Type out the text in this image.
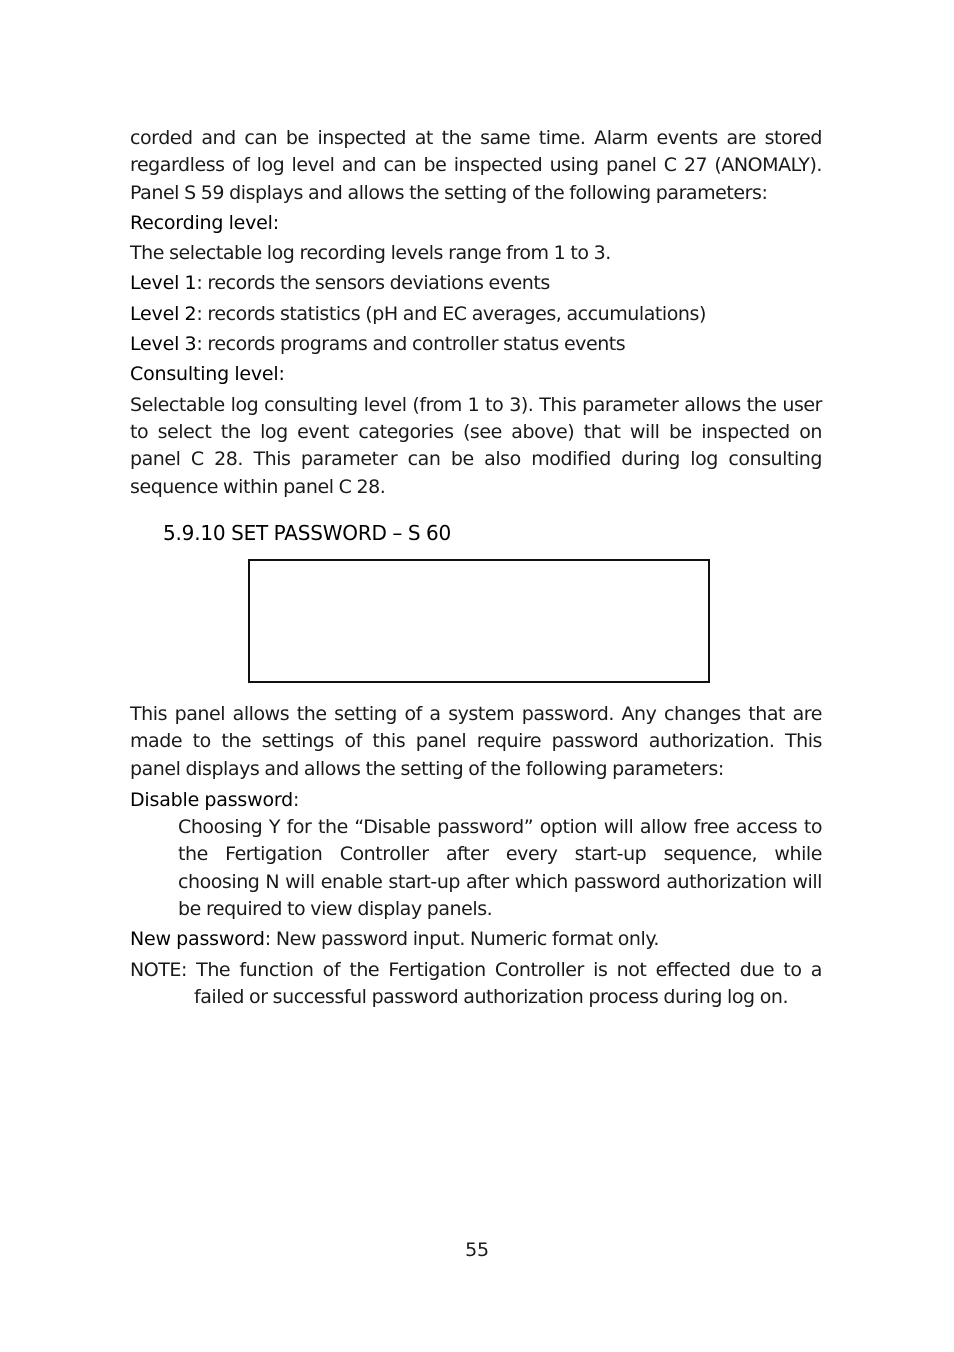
corded and can be inspected at the same time. Alarm events are stored regardless of log level and can be inspected using panel C 27 (ANOMALY). Panel S 59 displays and allows the setting of the following parameters:

Recording level:

The selectable log recording levels range from 1 to 3.

Level 1: records the sensors deviations events

Level 2: records statistics (pH and EC averages, accumulations)

Level 3: records programs and controller status events

Consulting level:

Selectable log consulting level (from 1 to 3). This parameter allows the user to select the log event categories (see above) that will be inspected on panel C 28. This parameter can be also modified during log consulting sequence within panel C 28.

5.9.10 SET PASSWORD – S 60

This panel allows the setting of a system password. Any changes that are made to the settings of this panel require password authorization. This panel displays and allows the setting of the following parameters:

Disable password:

Choosing Y for the “Disable password” option will allow free access to the Fertigation Controller after every start-up sequence, while choosing N will enable start-up after which password authorization will be required to view display panels.

New password: New password input. Numeric format only.

NOTE: The function of the Fertigation Controller is not effected due to a failed or successful password authorization process during log on.

55
